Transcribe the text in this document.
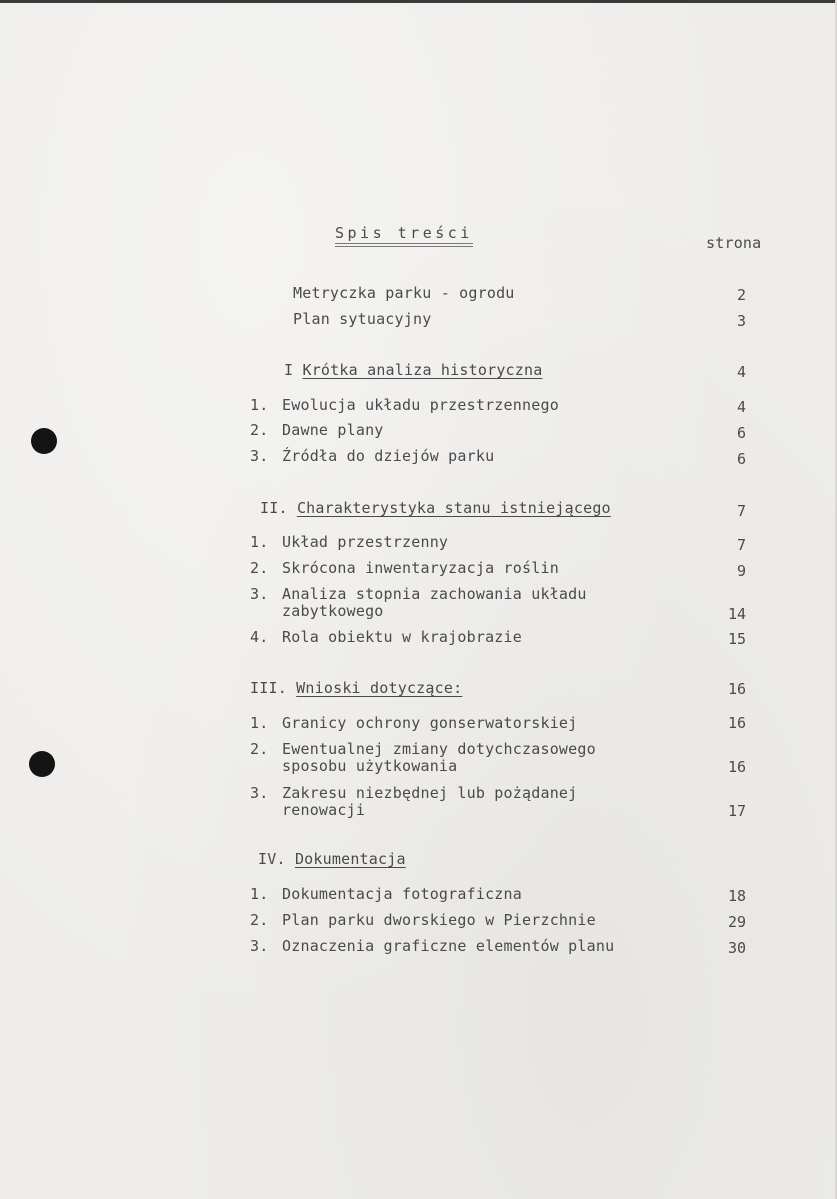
Spis treści
strona
Metryczka parku - ogrodu	2
Plan sytuacyjny	3
I Krótka analiza historyczna	4
1. Ewolucja układu przestrzennego	4
2. Dawne plany	6
3. Źródła do dziejów parku	6
II. Charakterystyka stanu istniejącego	7
1. Układ przestrzenny	7
2. Skrócona inwentaryzacja roślin	9
3. Analiza stopnia zachowania układu
zabytkowego	14
4. Rola obiektu w krajobrazie	15
III. Wnioski dotyczące:	16
1. Granicy ochrony gonserwatorskiej	16
2. Ewentualnej zmiany dotychczasowego
sposobu użytkowania	16
3. Zakresu niezbędnej lub pożądanej
renowacji	17
IV. Dokumentacja
1. Dokumentacja fotograficzna	18
2. Plan parku dworskiego w Pierzchnie	29
3. Oznaczenia graficzne elementów planu	30
